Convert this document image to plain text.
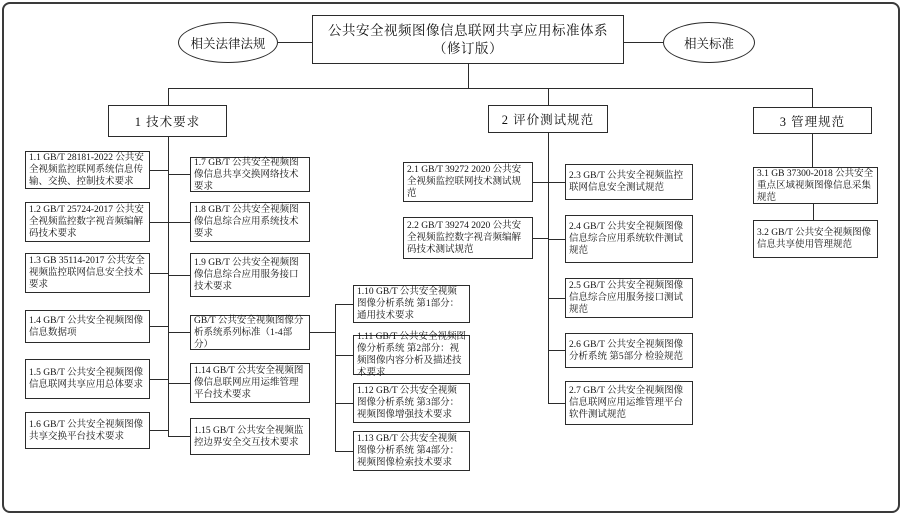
相关法律法规
公共安全视频图像信息联网共享应用标准体系
（修订版）	相关标准
1 技术要求	2 评价测试规范	3 管理规范
1.1 GB/T 28181-2022 公共安全视频监控联网系统信息传输、交换、控制技术要求
1.2 GB/T 25724-2017 公共安全视频监控数字视音频编解码技术要求
1.3 GB 35114-2017 公共安全视频监控联网信息安全技术要求
1.4 GB/T 公共安全视频图像信息数据项
1.5 GB/T 公共安全视频图像信息联网共享应用总体要求
1.6 GB/T 公共安全视频图像共享交换平台技术要求
1.7 GB/T 公共安全视频图像信息共享交换网络技术要求
1.8 GB/T 公共安全视频图像信息综合应用系统技术要求
1.9 GB/T 公共安全视频图像信息综合应用服务接口技术要求
GB/T 公共安全视频图像分析系统系列标准（1-4部分）
1.14 GB/T 公共安全视频图像信息联网应用运维管理平台技术要求
1.15 GB/T 公共安全视频监控边界安全交互技术要求
1.10 GB/T 公共安全视频图像分析系统 第1部分：通用技术要求
1.11 GB/T 公共安全视频图像分析系统 第2部分：视频图像内容分析及描述技术要求
1.12 GB/T 公共安全视频图像分析系统 第3部分：视频图像增强技术要求
1.13 GB/T 公共安全视频图像分析系统 第4部分：视频图像检索技术要求
2.1 GB/T 39272 2020 公共安全视频监控联网技术测试规范
2.2 GB/T 39274 2020 公共安全视频监控数字视音频编解码技术测试规范
2.3 GB/T 公共安全视频监控联网信息安全测试规范
2.4 GB/T 公共安全视频图像信息综合应用系统软件测试规范
2.5 GB/T 公共安全视频图像信息综合应用服务接口测试规范
2.6 GB/T 公共安全视频图像分析系统 第5部分 检验规范
2.7 GB/T 公共安全视频图像信息联网应用运维管理平台软件测试规范
3.1 GB 37300-2018 公共安全重点区域视频图像信息采集规范
3.2 GB/T 公共安全视频图像信息共享使用管理规范
